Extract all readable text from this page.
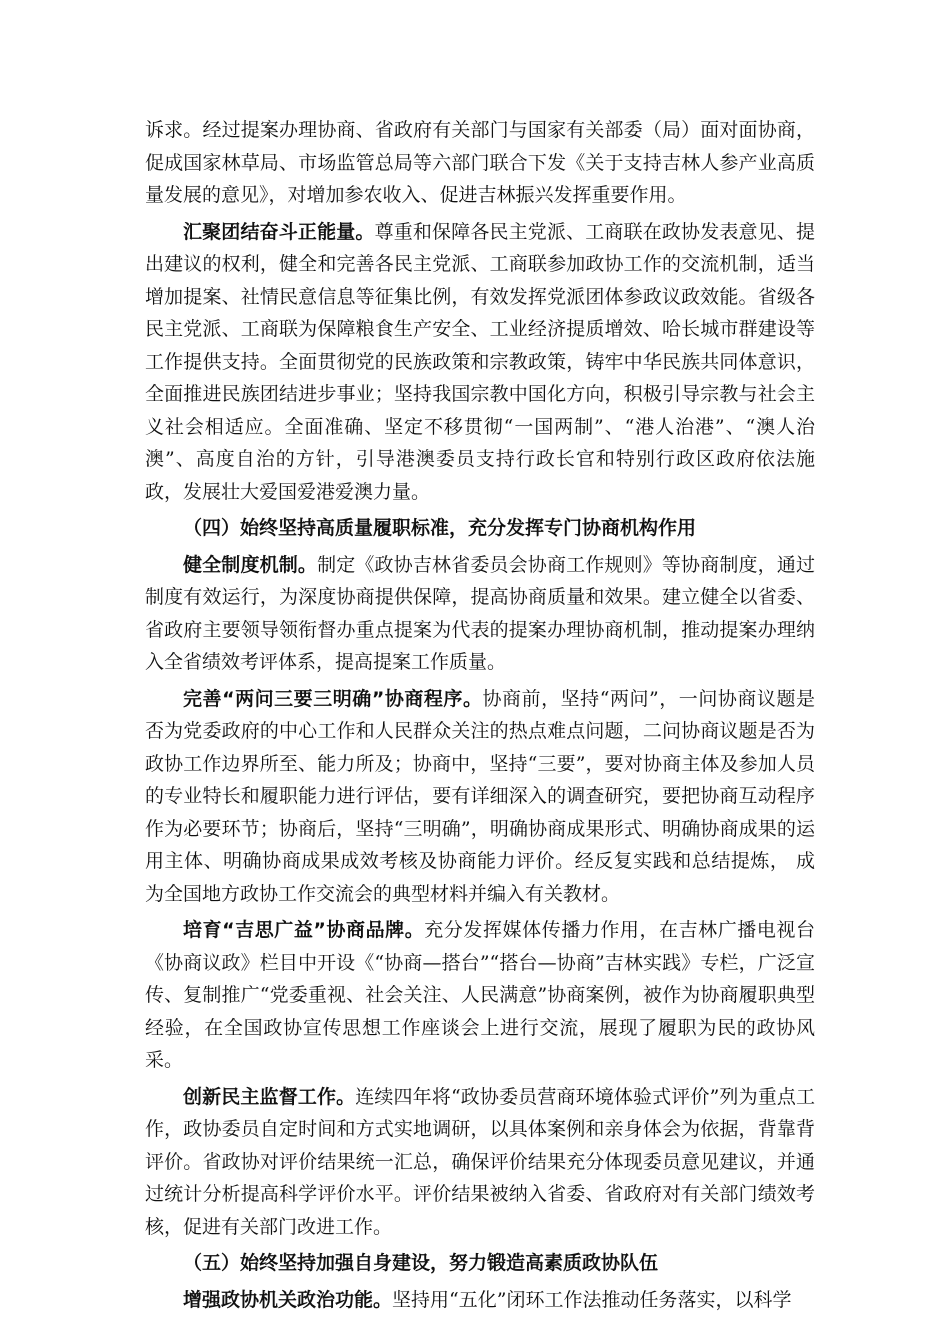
诉求。经过提案办理协商、省政府有关部门与国家有关部委（局）面对面协商，促成国家林草局、市场监管总局等六部门联合下发《关于支持吉林人参产业高质量发展的意见》，对增加参农收入、促进吉林振兴发挥重要作用。

汇聚团结奋斗正能量。尊重和保障各民主党派、工商联在政协发表意见、提出建议的权利，健全和完善各民主党派、工商联参加政协工作的交流机制，适当增加提案、社情民意信息等征集比例，有效发挥党派团体参政议政效能。省级各民主党派、工商联为保障粮食生产安全、工业经济提质增效、哈长城市群建设等工作提供支持。全面贯彻党的民族政策和宗教政策，铸牢中华民族共同体意识， 全面推进民族团结进步事业；坚持我国宗教中国化方向，积极引导宗教与社会主义社会相适应。全面准确、坚定不移贯彻“一国两制”、“港人治港”、“澳人治澳”、高度自治的方针，引导港澳委员支持行政长官和特别行政区政府依法施政，发展壮大爱国爱港爱澳力量。

（四）始终坚持高质量履职标准，充分发挥专门协商机构作用

健全制度机制。制定《政协吉林省委员会协商工作规则》等协商制度，通过制度有效运行，为深度协商提供保障，提高协商质量和效果。建立健全以省委、省政府主要领导领衔督办重点提案为代表的提案办理协商机制，推动提案办理纳入全省绩效考评体系，提高提案工作质量。

完善“两问三要三明确”协商程序。协商前，坚持“两问”，一问协商议题是否为党委政府的中心工作和人民群众关注的热点难点问题，二问协商议题是否为政协工作边界所至、能力所及；协商中，坚持“三要”，要对协商主体及参加人员的专业特长和履职能力进行评估，要有详细深入的调查研究，要把协商互动程序作为必要环节；协商后，坚持“三明确”，明确协商成果形式、明确协商成果的运用主体、明确协商成果成效考核及协商能力评价。经反复实践和总结提炼， 成为全国地方政协工作交流会的典型材料并编入有关教材。

培育“吉思广益”协商品牌。充分发挥媒体传播力作用，在吉林广播电视台《协商议政》栏目中开设《“协商—搭台”“搭台—协商”吉林实践》专栏，广泛宣传、复制推广“党委重视、社会关注、人民满意”协商案例，被作为协商履职典型经验，在全国政协宣传思想工作座谈会上进行交流，展现了履职为民的政协风采。

创新民主监督工作。连续四年将“政协委员营商环境体验式评价”列为重点工作，政协委员自定时间和方式实地调研，以具体案例和亲身体会为依据，背靠背评价。省政协对评价结果统一汇总，确保评价结果充分体现委员意见建议，并通过统计分析提高科学评价水平。评价结果被纳入省委、省政府对有关部门绩效考核，促进有关部门改进工作。

（五）始终坚持加强自身建设，努力锻造高素质政协队伍

增强政协机关政治功能。坚持用“五化”闭环工作法推动任务落实，以科学
